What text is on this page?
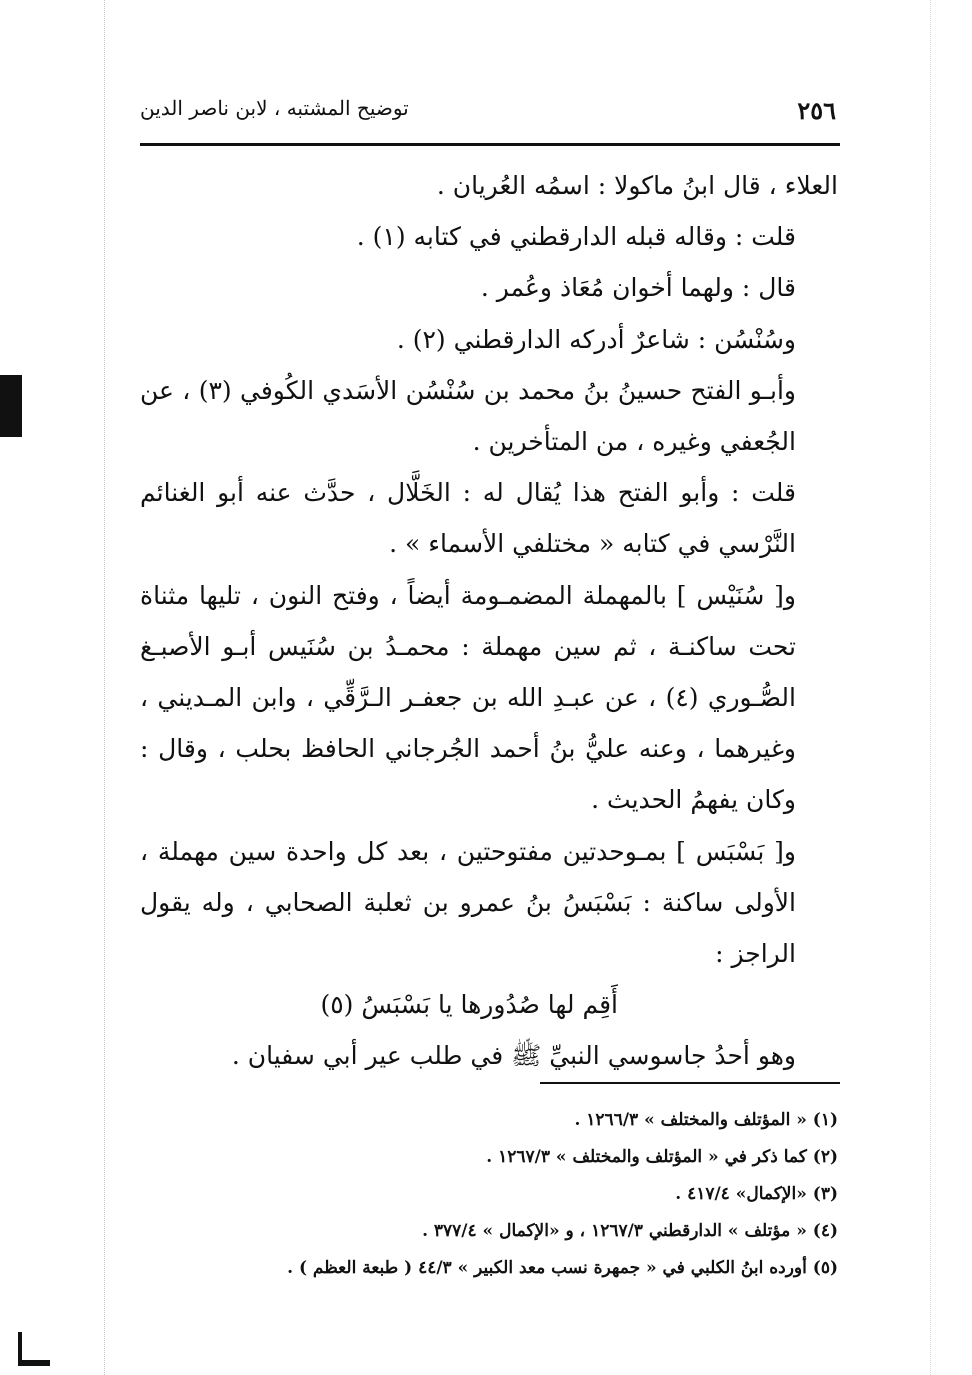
٢٥٦
توضيح المشتبه ، لابن ناصر الدين

العلاء ، قال ابنُ ماكولا : اسمُه العُريان .

قلت : وقاله قبله الدارقطني في كتابه (١) .

قال : ولهما أخوان مُعَاذ وعُمر .

وسُنْسُن : شاعرٌ أدركه الدارقطني (٢) .

وأبـو الفتح حسينُ بنُ محمد بن سُنْسُن الأسَدي الكُوفي (٣) ، عن الجُعفي وغيره ، من المتأخرين .

قلت : وأبو الفتح هذا يُقال له : الخَلَّال ، حدَّث عنه أبو الغنائم النَّرْسي في كتابه « مختلفي الأسماء » .

و[ سُنَيْس ] بالمهملة المضمـومة أيضاً ، وفتح النون ، تليها مثناة تحت ساكنـة ، ثم سين مهملة : محمـدُ بن سُنَيس أبـو الأصبـغ الصُّـوري (٤) ، عن عبـدِ الله بن جعفـر الـرَّقِّي ، وابن المـديني ، وغيرهما ، وعنه عليُّ بنُ أحمد الجُرجاني الحافظ بحلب ، وقال : وكان يفهمُ الحديث .

و[ بَسْبَس ] بمـوحدتين مفتوحتين ، بعد كل واحدة سين مهملة ، الأولى ساكنة : بَسْبَسُ بنُ عمرو بن ثعلبة الصحابي ، وله يقول الراجز :

أَقِم لها صُدُورها يا بَسْبَسُ (٥)

وهو أحدُ جاسوسي النبيِّ ﷺ في طلب عير أبي سفيان .

(١) « المؤتلف والمختلف » ١٢٦٦/٣ .

(٢) كما ذكر في « المؤتلف والمختلف » ١٢٦٧/٣ .

(٣) «الإكمال» ٤١٧/٤ .

(٤) « مؤتلف » الدارقطني ١٢٦٧/٣ ، و «الإكمال » ٣٧٧/٤ .

(٥) أورده ابنُ الكلبي في « جمهرة نسب معد الكبير » ٤٤/٣ ( طبعة العظم ) .
